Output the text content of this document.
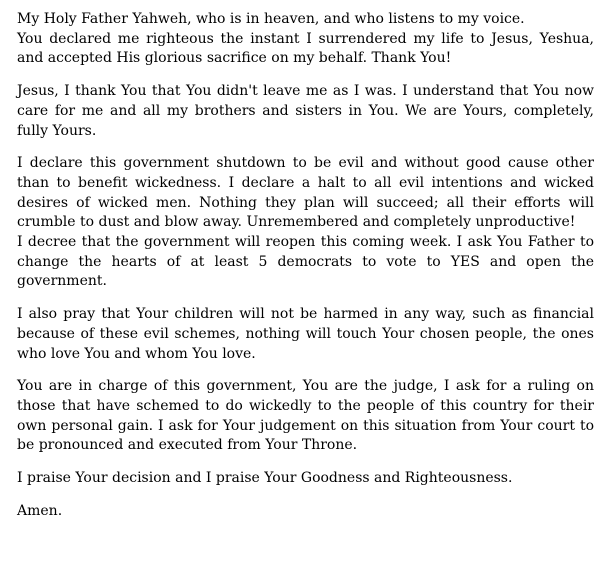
My Holy Father Yahweh, who is in heaven, and who listens to my voice.
You declared me righteous the instant I surrendered my life to Jesus, Yeshua, and accepted His glorious sacrifice on my behalf. Thank You!

Jesus, I thank You that You didn't leave me as I was. I understand that You now care for me and all my brothers and sisters in You. We are Yours, completely, fully Yours.

I declare this government shutdown to be evil and without good cause other than to benefit wickedness. I declare a halt to all evil intentions and wicked desires of wicked men. Nothing they plan will succeed; all their efforts will crumble to dust and blow away. Unremembered and completely unproductive!
I decree that the government will reopen this coming week. I ask You Father to change the hearts of at least 5 democrats to vote to YES and open the government.

I also pray that Your children will not be harmed in any way, such as financial because of these evil schemes, nothing will touch Your chosen people, the ones who love You and whom You love.

You are in charge of this government, You are the judge, I ask for a ruling on those that have schemed to do wickedly to the people of this country for their own personal gain. I ask for Your judgement on this situation from Your court to be pronounced and executed from Your Throne.

I praise Your decision and I praise Your Goodness and Righteousness.

Amen.
